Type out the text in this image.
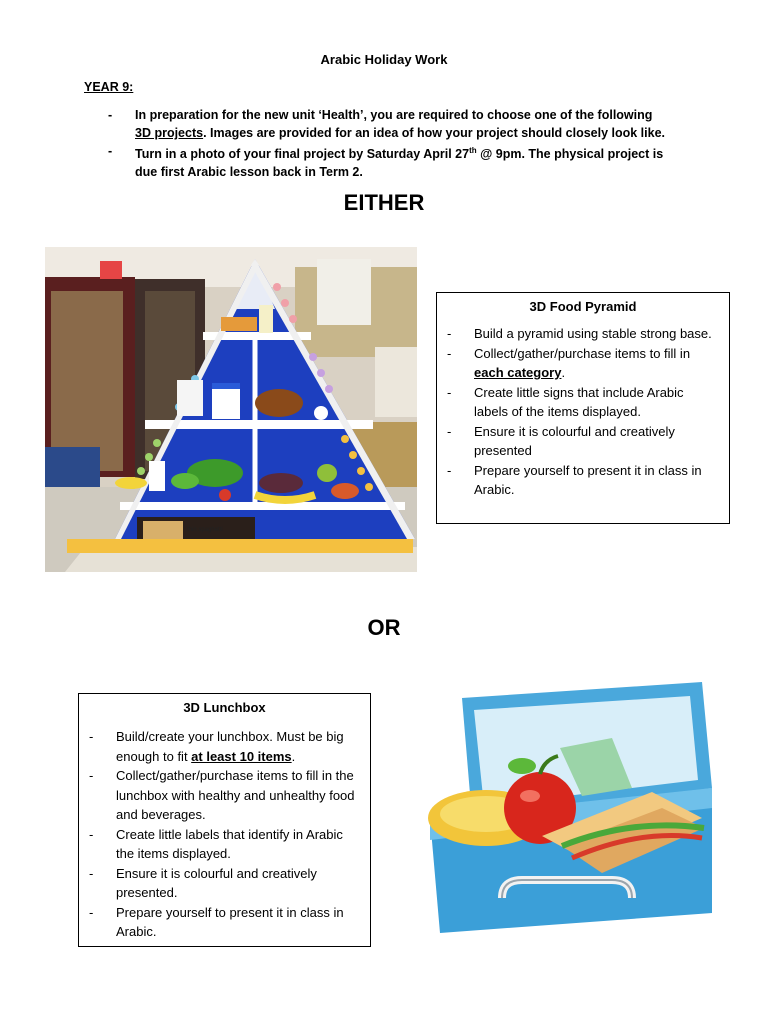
Arabic Holiday Work
YEAR 9:
- In preparation for the new unit ‘Health’, you are required to choose one of the following 3D projects. Images are provided for an idea of how your project should closely look like.
- Turn in a photo of your final project by Saturday April 27th @ 9pm. The physical project is due first Arabic lesson back in Term 2.
EITHER
thin spaghetti
3D Food Pyramid
- Build a pyramid using stable strong base.
- Collect/gather/purchase items to fill in each category.
- Create little signs that include Arabic labels of the items displayed.
- Ensure it is colourful and creatively presented
- Prepare yourself to present it in class in Arabic.
OR
3D Lunchbox
- Build/create your lunchbox. Must be big enough to fit at least 10 items.
- Collect/gather/purchase items to fill in the lunchbox with healthy and unhealthy food and beverages.
- Create little labels that identify in Arabic the items displayed.
- Ensure it is colourful and creatively presented.
- Prepare yourself to present it in class in Arabic.
